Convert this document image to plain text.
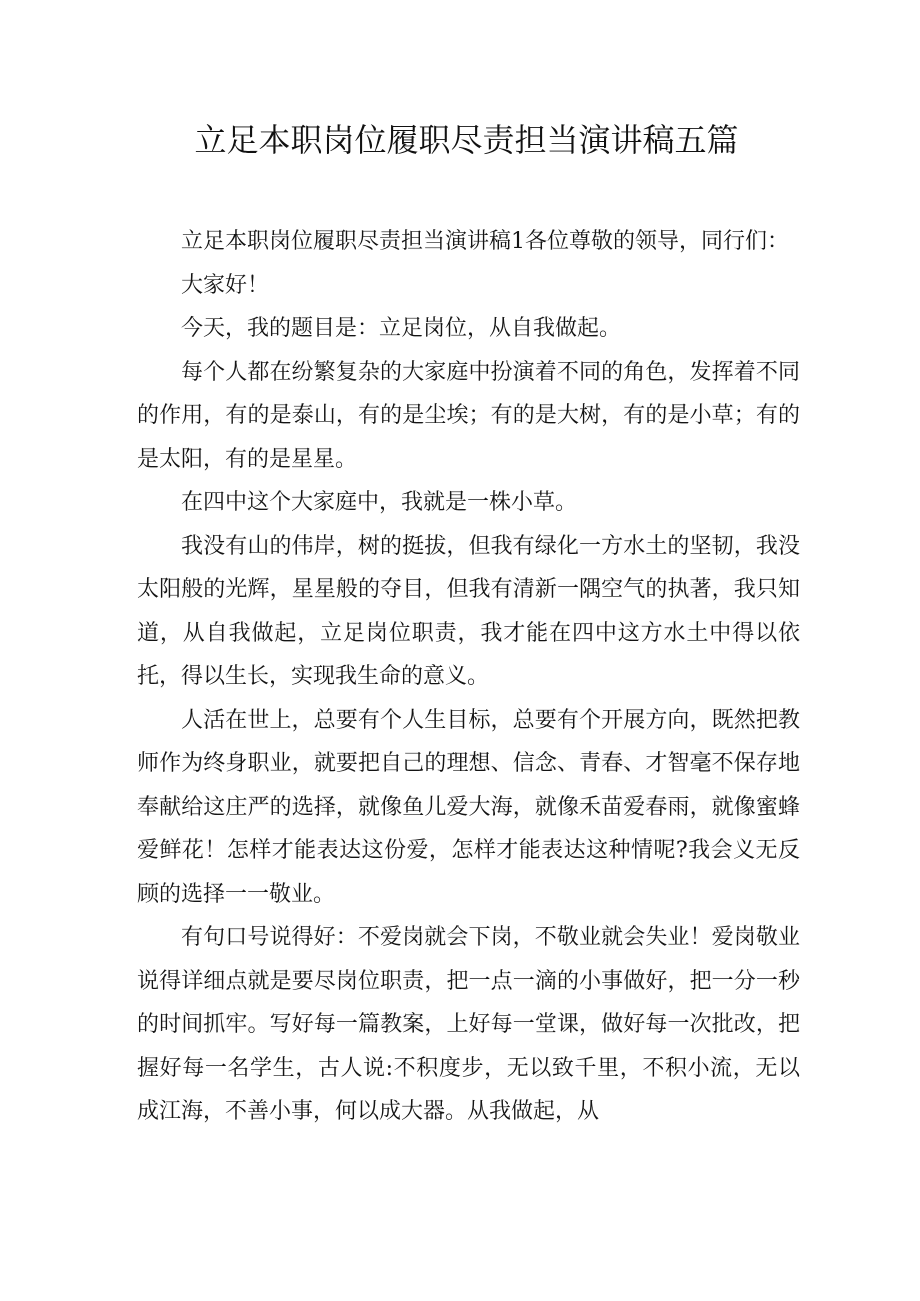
立足本职岗位履职尽责担当演讲稿五篇

立足本职岗位履职尽责担当演讲稿1各位尊敬的领导，同行们：

大家好！

今天，我的题目是：立足岗位，从自我做起。

每个人都在纷繁复杂的大家庭中扮演着不同的角色，发挥着不同的作用，有的是泰山，有的是尘埃；有的是大树，有的是小草；有的是太阳，有的是星星。

在四中这个大家庭中，我就是一株小草。

我没有山的伟岸，树的挺拔，但我有绿化一方水土的坚韧，我没太阳般的光辉，星星般的夺目，但我有清新一隅空气的执著，我只知道，从自我做起，立足岗位职责，我才能在四中这方水土中得以依托，得以生长，实现我生命的意义。

人活在世上，总要有个人生目标，总要有个开展方向，既然把教师作为终身职业，就要把自己的理想、信念、青春、才智毫不保存地奉献给这庄严的选择，就像鱼儿爱大海，就像禾苗爱春雨，就像蜜蜂爱鲜花！怎样才能表达这份爱，怎样才能表达这种情呢?我会义无反顾的选择一一敬业。

有句口号说得好：不爱岗就会下岗，不敬业就会失业！爱岗敬业说得详细点就是要尽岗位职责，把一点一滴的小事做好，把一分一秒的时间抓牢。写好每一篇教案，上好每一堂课，做好每一次批改，把握好每一名学生，古人说:不积度步，无以致千里，不积小流，无以成江海，不善小事，何以成大器。从我做起，从
